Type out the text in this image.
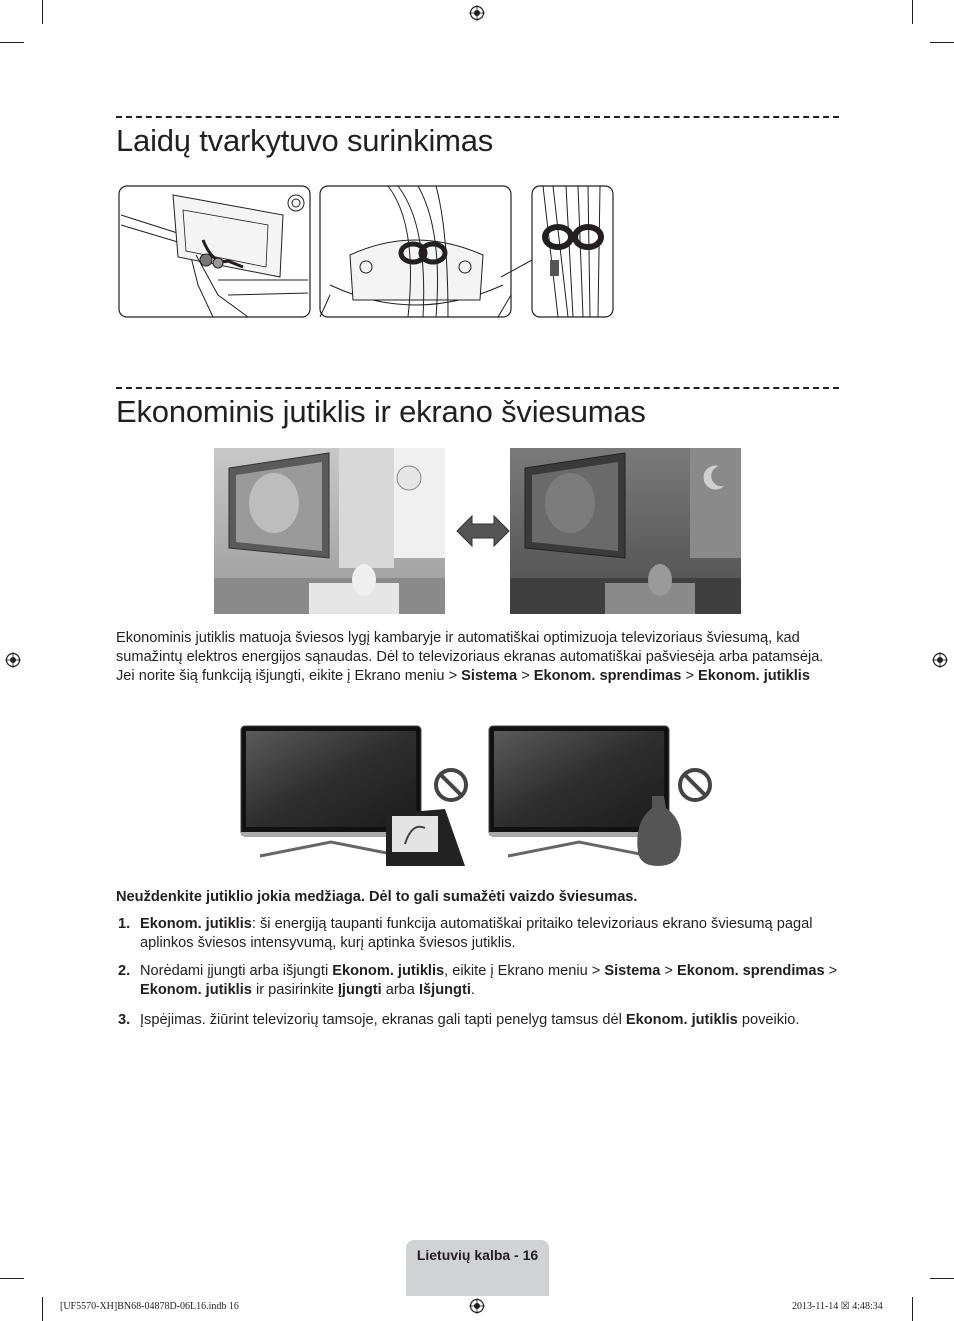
Laidų tvarkytuvo surinkimas
Ekonominis jutiklis ir ekrano šviesumas
Ekonominis jutiklis matuoja šviesos lygį kambaryje ir automatiškai optimizuoja televizoriaus šviesumą, kad sumažintų elektros energijos sąnaudas. Dėl to televizoriaus ekranas automatiškai pašviesėja arba patamsėja. Jei norite šią funkciją išjungti, eikite į Ekrano meniu > Sistema > Ekonom. sprendimas > Ekonom. jutiklis
Neuždenkite jutiklio jokia medžiaga. Dėl to gali sumažėti vaizdo šviesumas.
1. Ekonom. jutiklis: ši energiją taupanti funkcija automatiškai pritaiko televizoriaus ekrano šviesumą pagal aplinkos šviesos intensyvumą, kurį aptinka šviesos jutiklis.
2. Norėdami įjungti arba išjungti Ekonom. jutiklis, eikite į Ekrano meniu > Sistema > Ekonom. sprendimas > Ekonom. jutiklis ir pasirinkite Įjungti arba Išjungti.
3. Įspėjimas. žiūrint televizorių tamsoje, ekranas gali tapti penelyg tamsus dėl Ekonom. jutiklis poveikio.
Lietuvių kalba - 16
[UF5570-XH]BN68-04878D-06L16.indb 16	2013-11-14 ☒ 4:48:34
